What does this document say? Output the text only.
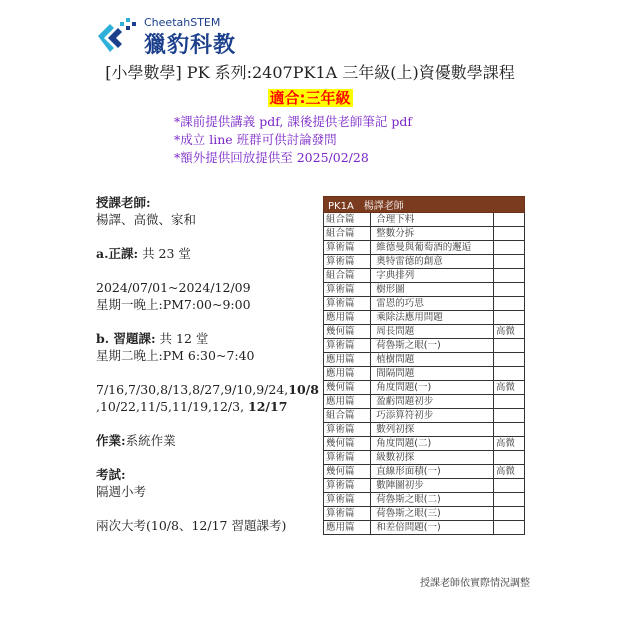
CheetahSTEM
獵豹科教
[小學數學] PK 系列:2407PK1A 三年級(上)資優數學課程
適合:三年級
*課前提供講義 pdf, 課後提供老師筆記 pdf
*成立 line 班群可供討論發問
*額外提供回放提供至 2025/02/28
授課老師:
楊譯、高微、家和
a.正課: 共 23 堂
2024/07/01~2024/12/09
星期一晚上:PM7:00~9:00
b. 習題課: 共 12 堂
星期二晚上:PM 6:30~7:40
7/16,7/30,8/13,8/27,9/10,9/24,10/8
,10/22,11/5,11/19,12/3, 12/17
作業:系統作業
考試:
隔週小考
兩次大考(10/8、12/17 習題課考)
PK1A　楊譯老師		
組合篇	合理下料	
組合篇	整數分拆	
算術篇	維德曼與葡萄酒的邂逅	
算術篇	奧特雷德的創意	
組合篇	字典排列	
算術篇	樹形圖	
算術篇	雷恩的巧思	
應用篇	乘除法應用問題	
幾何篇	周長問題	高微
算術篇	荷魯斯之眼(一)	
應用篇	植樹問題	
應用篇	間隔問題	
幾何篇	角度問題(一)	高微
應用篇	盈虧問題初步	
組合篇	巧添算符初步	
算術篇	數列初探	
幾何篇	角度問題(二)	高微
算術篇	級數初探	
幾何篇	直線形面積(一)	高微
算術篇	數陣圖初步	
算術篇	荷魯斯之眼(二)	
算術篇	荷魯斯之眼(三)	
應用篇	和差倍問題(一)	
授課老師依實際情況調整
